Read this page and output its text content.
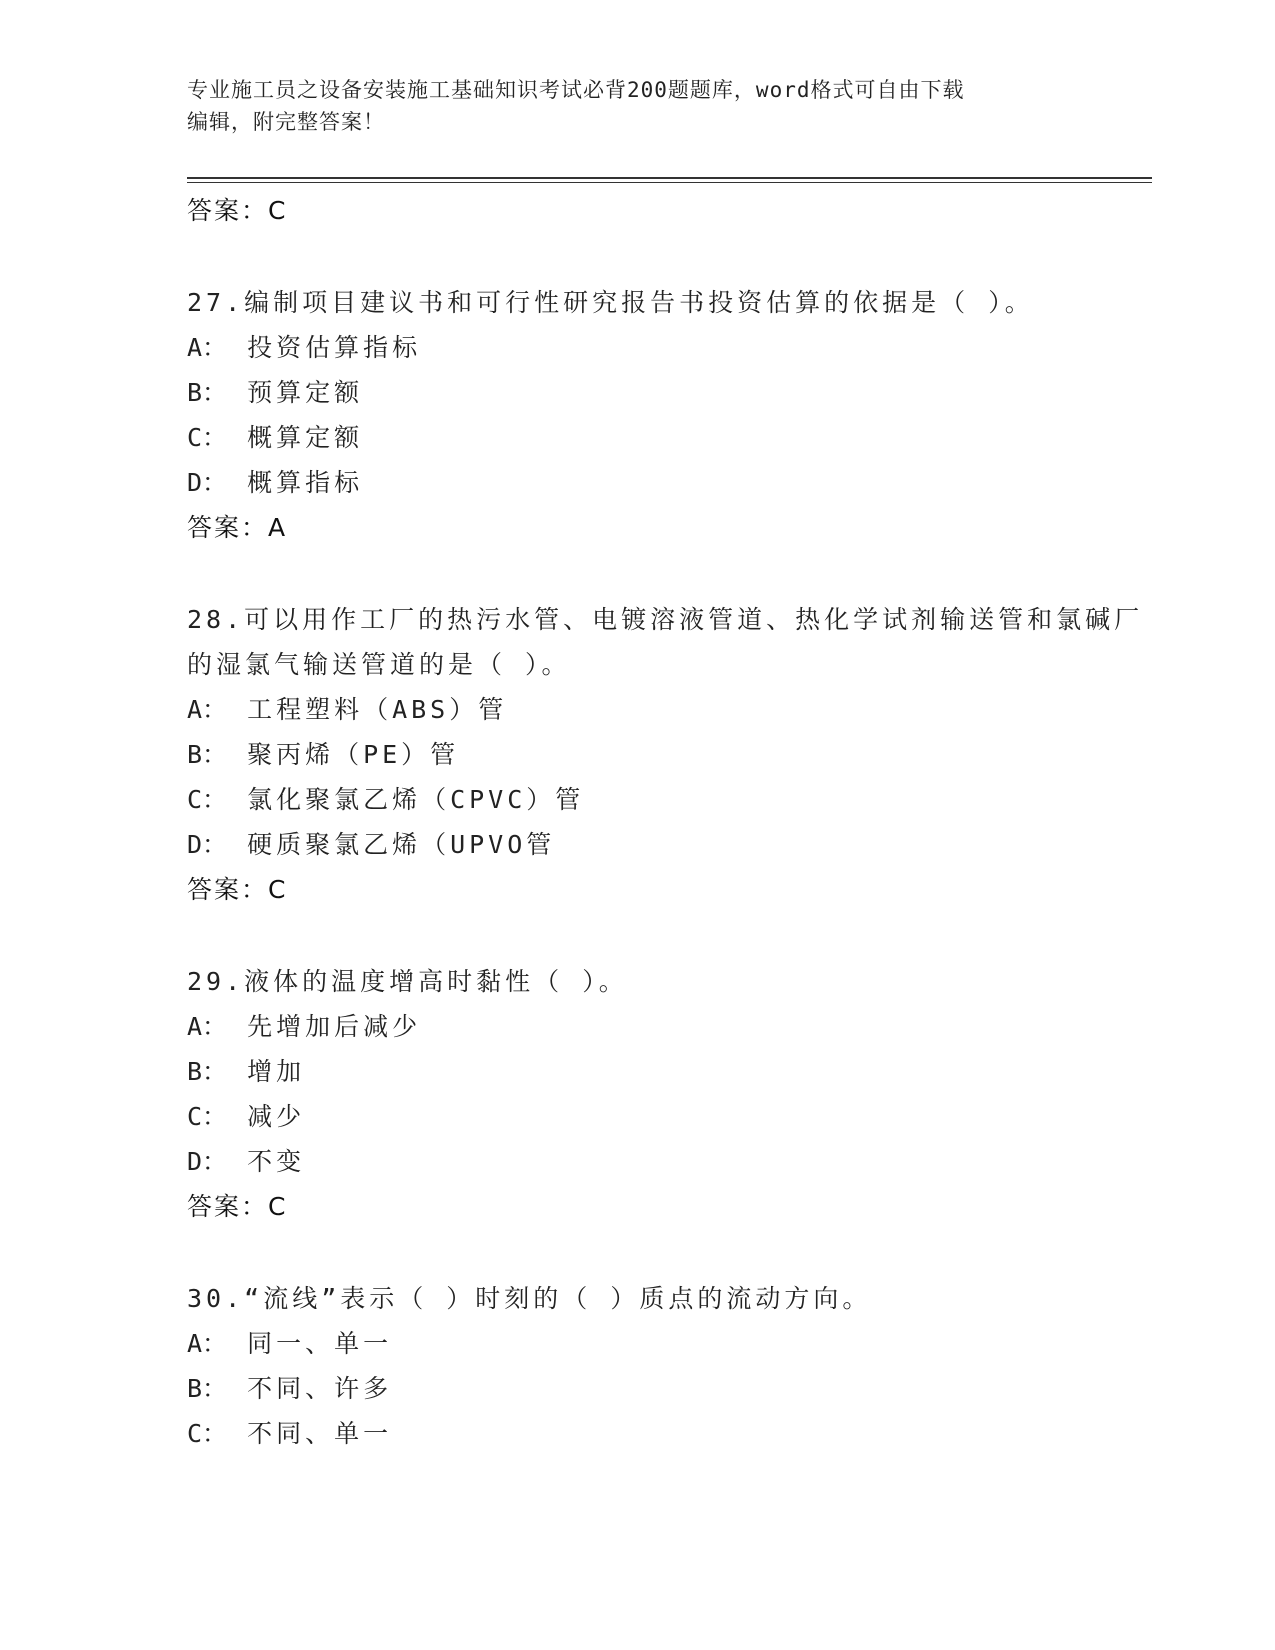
专业施工员之设备安装施工基础知识考试必背200题题库，word格式可自由下载
编辑，附完整答案！
答案：C
27.编制项目建议书和可行性研究报告书投资估算的依据是（ ）。
A： 投资估算指标
B： 预算定额
C： 概算定额
D： 概算指标
答案：A
28.可以用作工厂的热污水管、电镀溶液管道、热化学试剂输送管和氯碱厂的湿氯气输送管道的是（ ）。
A： 工程塑料（ABS）管
B： 聚丙烯（PE）管
C： 氯化聚氯乙烯（CPVC）管
D： 硬质聚氯乙烯（UPVO管
答案：C
29.液体的温度增高时黏性（ ）。
A： 先增加后减少
B： 增加
C： 减少
D： 不变
答案：C
30.“流线”表示（ ）时刻的（ ）质点的流动方向。
A： 同一、单一
B： 不同、许多
C： 不同、单一
